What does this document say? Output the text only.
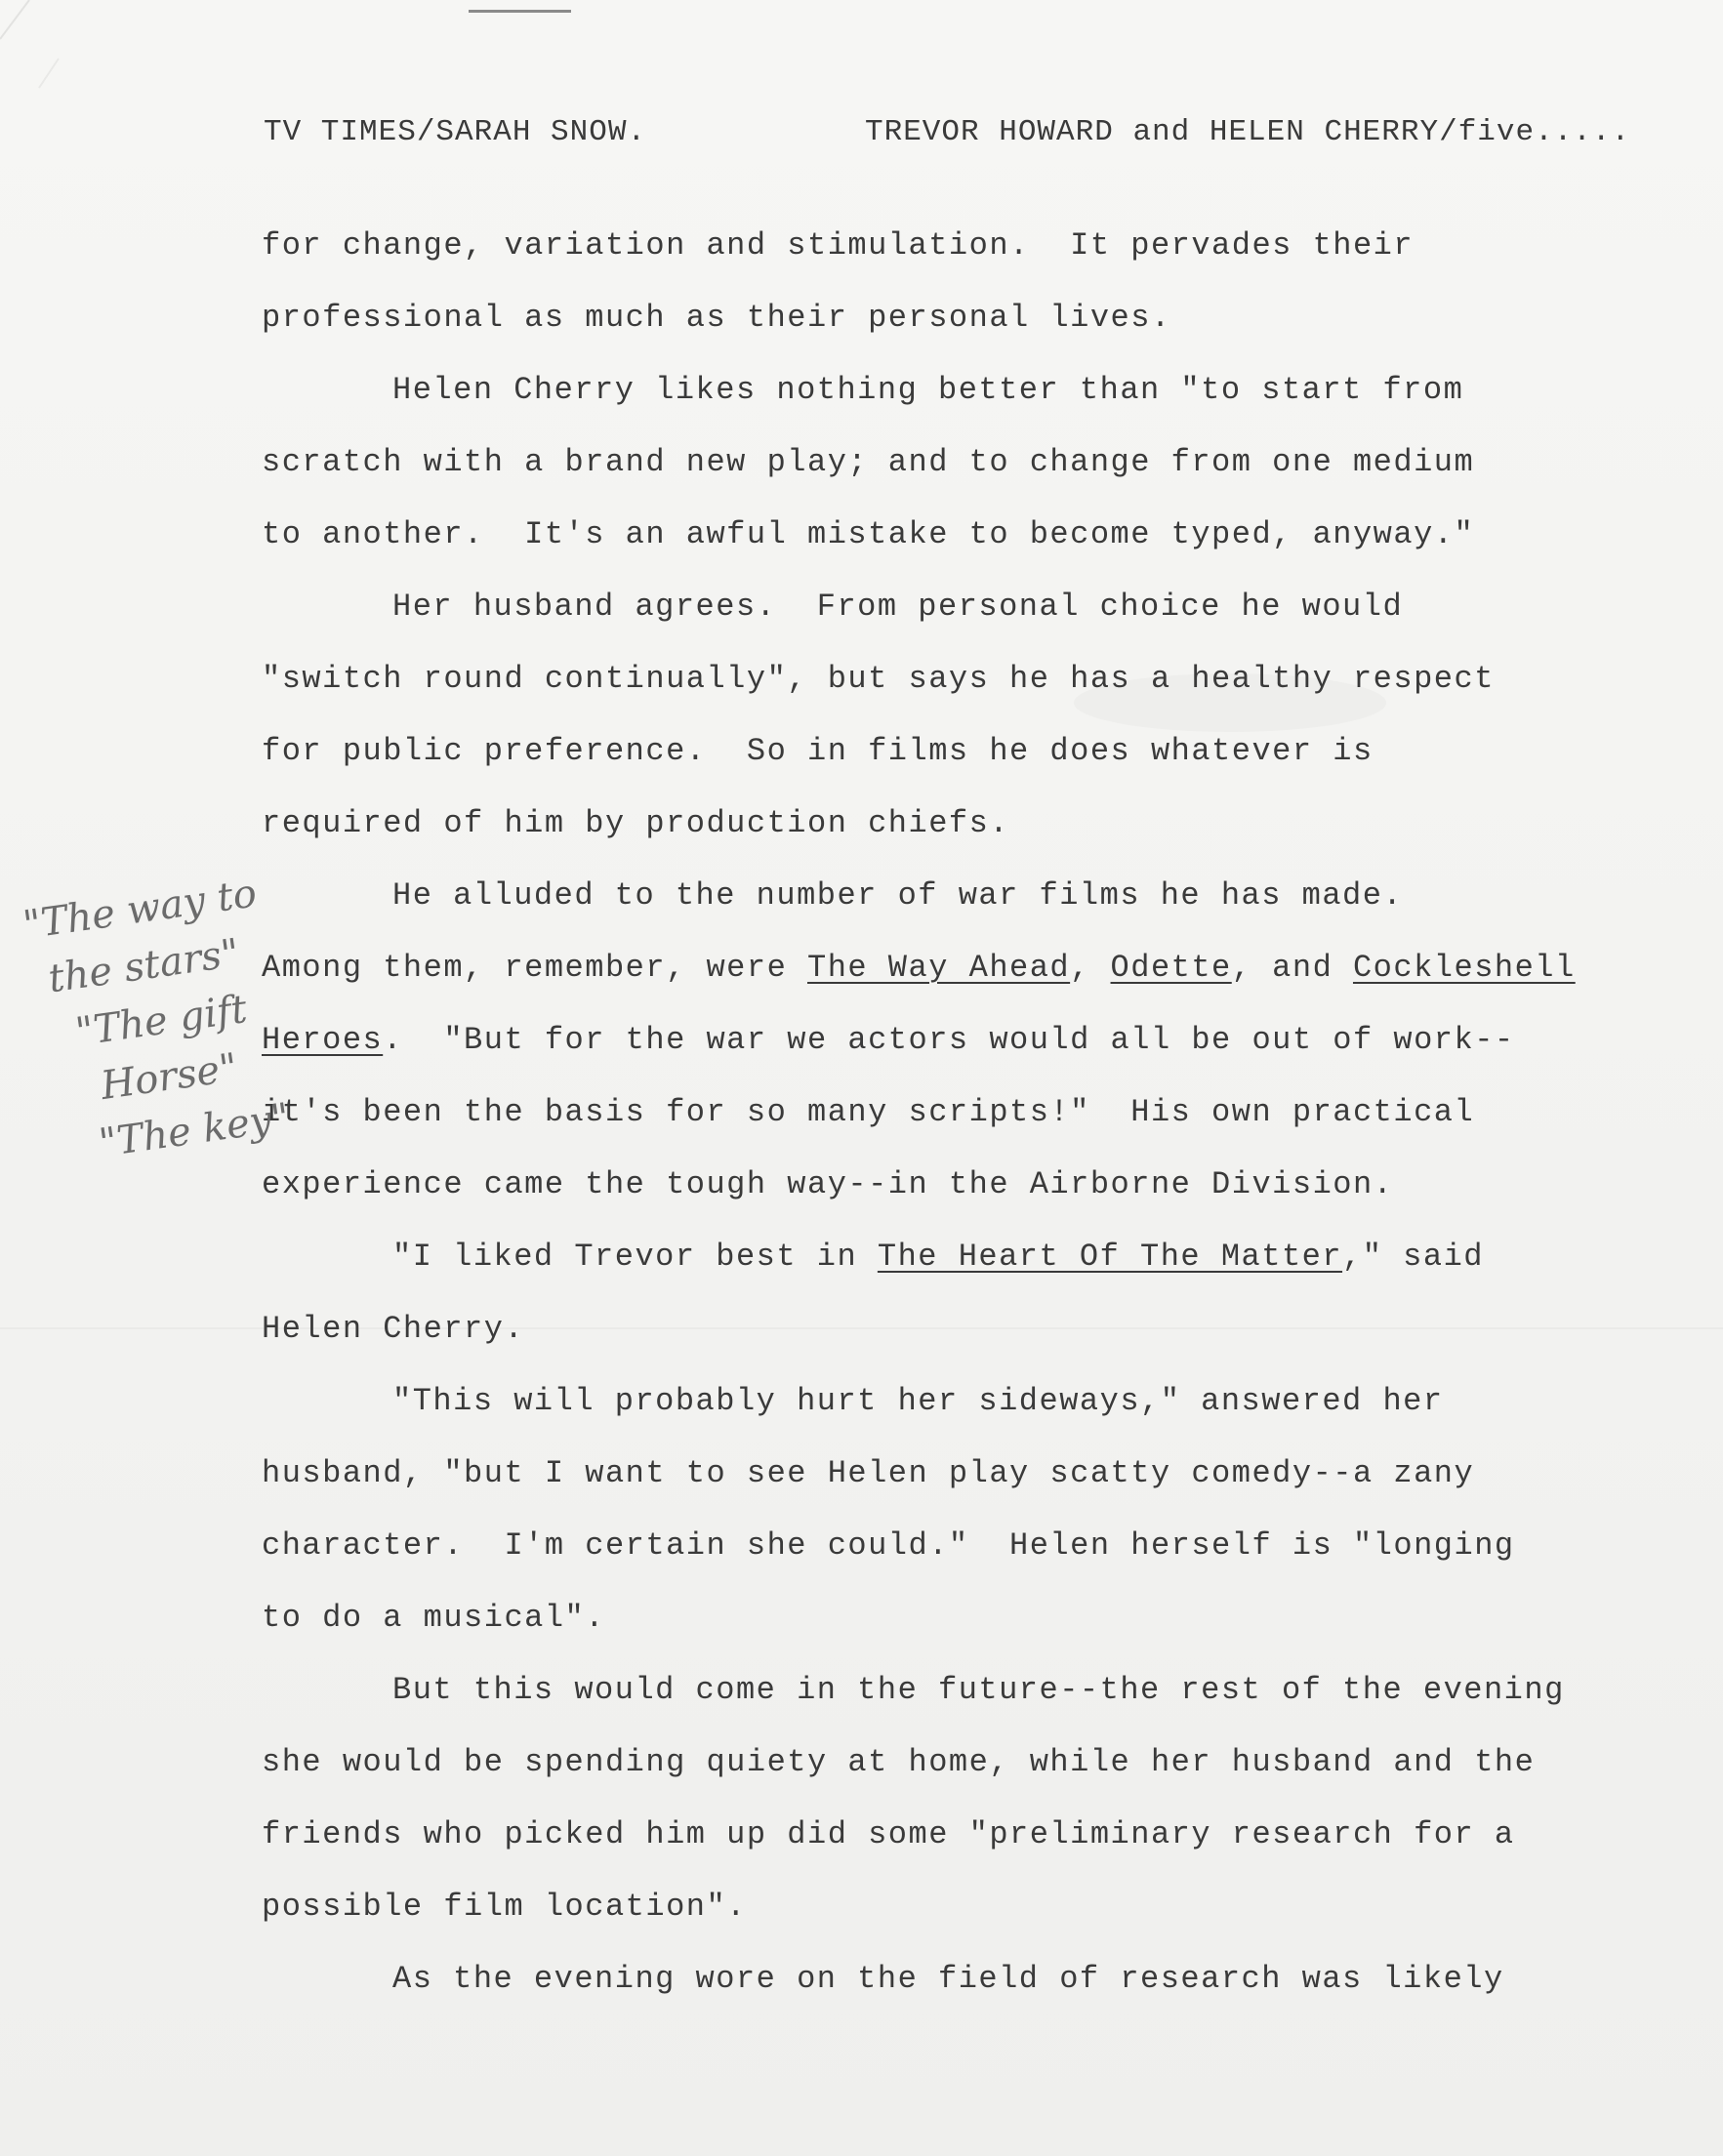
TV TIMES/SARAH SNOW.	TREVOR HOWARD and HELEN CHERRY/five.....
for change, variation and stimulation.  It pervades their
professional as much as their personal lives.
Helen Cherry likes nothing better than "to start from
scratch with a brand new play; and to change from one medium
to another.  It's an awful mistake to become typed, anyway."
Her husband agrees.  From personal choice he would
"switch round continually", but says he has a healthy respect
for public preference.  So in films he does whatever is
required of him by production chiefs.
He alluded to the number of war films he has made.
Among them, remember, were The Way Ahead, Odette, and Cockleshell
Heroes.  "But for the war we actors would all be out of work--
it's been the basis for so many scripts!"  His own practical
experience came the tough way--in the Airborne Division.
"I liked Trevor best in The Heart Of The Matter," said
Helen Cherry.
"This will probably hurt her sideways," answered her
husband, "but I want to see Helen play scatty comedy--a zany
character.  I'm certain she could."  Helen herself is "longing
to do a musical".
But this would come in the future--the rest of the evening
she would be spending quiety at home, while her husband and the
friends who picked him up did some "preliminary research for a
possible film location".
As the evening wore on the field of research was likely
"The way to
the stars"
"The gift
Horse"
"The key"
